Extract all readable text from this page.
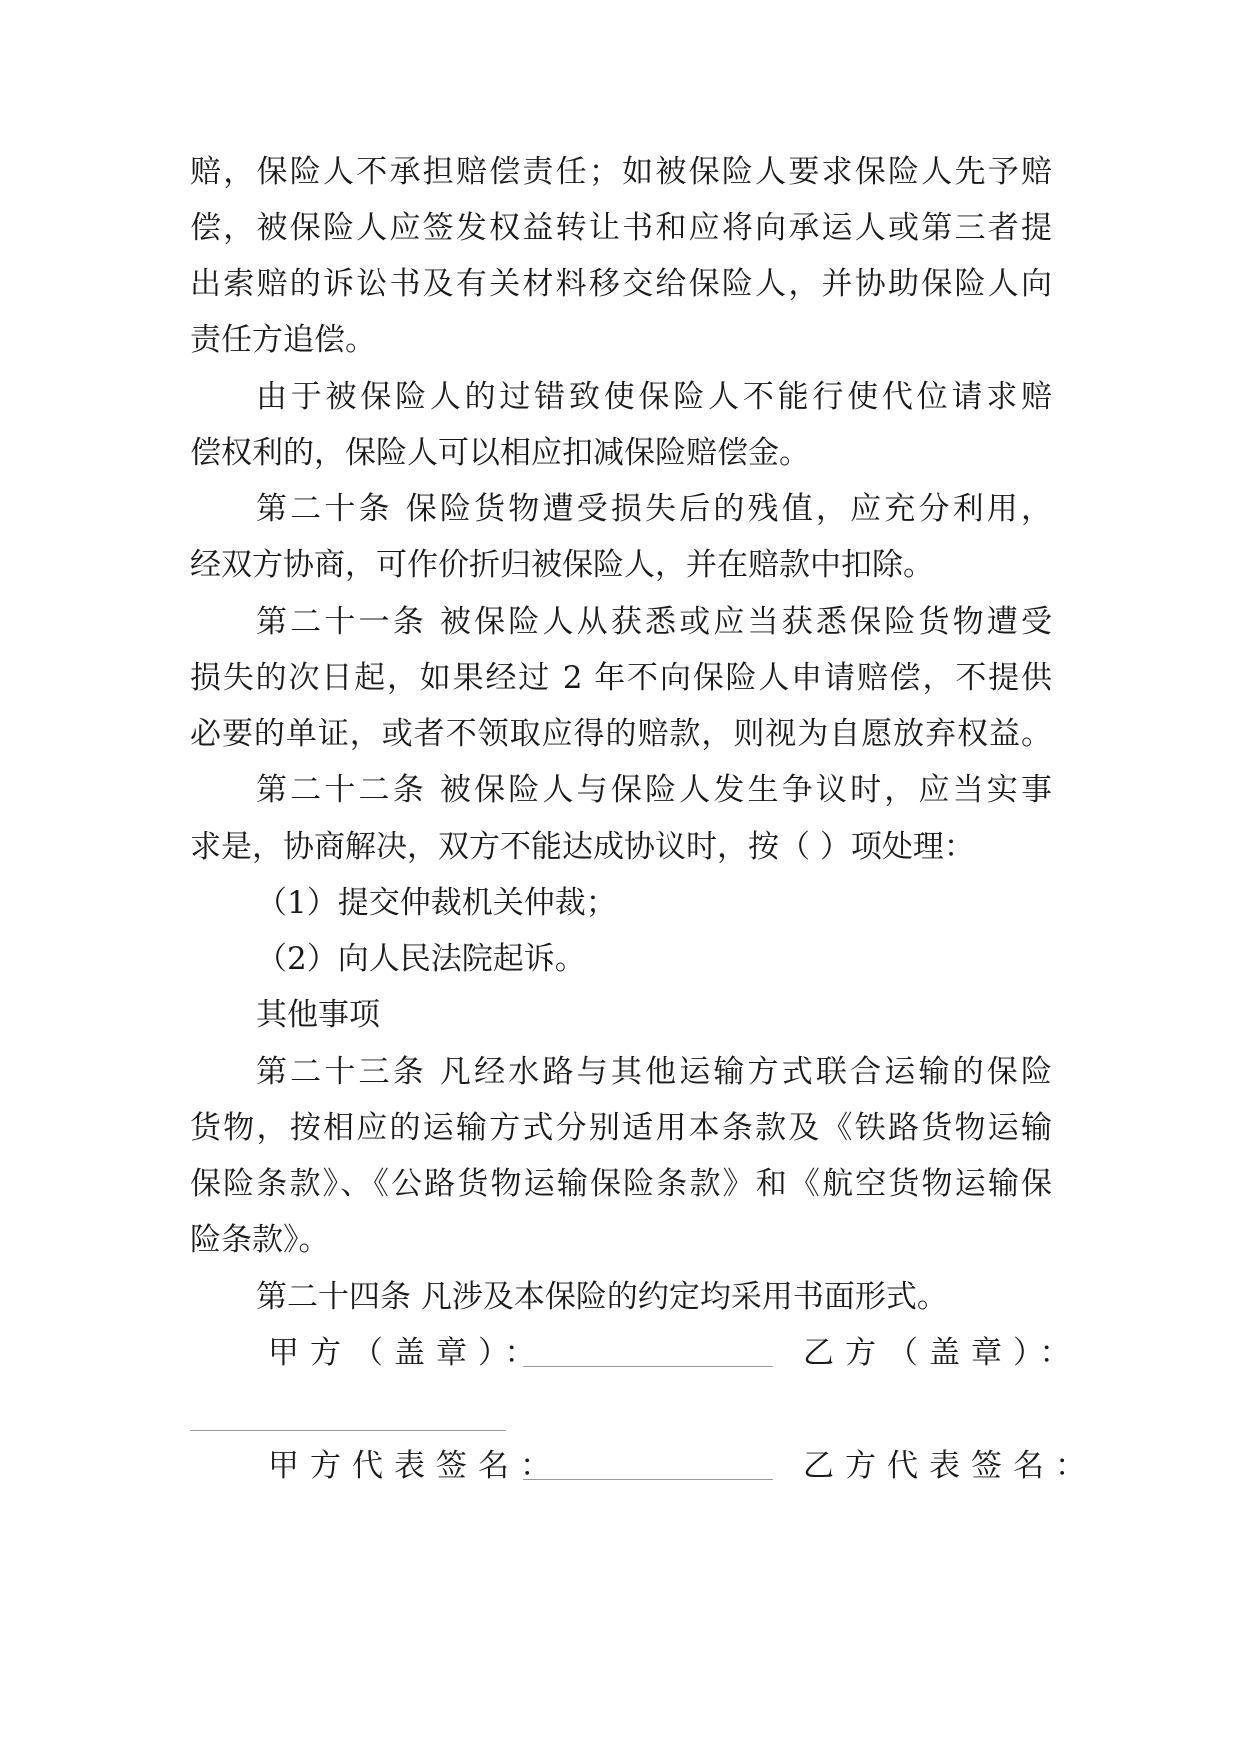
赔，保险人不承担赔偿责任；如被保险人要求保险人先予赔
偿，被保险人应签发权益转让书和应将向承运人或第三者提
出索赔的诉讼书及有关材料移交给保险人，并协助保险人向
责任方追偿。
由于被保险人的过错致使保险人不能行使代位请求赔
偿权利的，保险人可以相应扣减保险赔偿金。
第二十条 保险货物遭受损失后的残值，应充分利用，
经双方协商，可作价折归被保险人，并在赔款中扣除。
第二十一条 被保险人从获悉或应当获悉保险货物遭受
损失的次日起，如果经过 2 年不向保险人申请赔偿，不提供
必要的单证，或者不领取应得的赔款，则视为自愿放弃权益。
第二十二条 被保险人与保险人发生争议时，应当实事
求是，协商解决，双方不能达成协议时，按（ ）项处理：
（1）提交仲裁机关仲裁；
（2）向人民法院起诉。
其他事项
第二十三条 凡经水路与其他运输方式联合运输的保险
货物，按相应的运输方式分别适用本条款及《铁路货物运输
保险条款》、《公路货物运输保险条款》和《航空货物运输保
险条款》。
第二十四条 凡涉及本保险的约定均采用书面形式。
甲方（盖章）：	乙方（盖章）：
甲方代表签名：	乙方代表签名：
